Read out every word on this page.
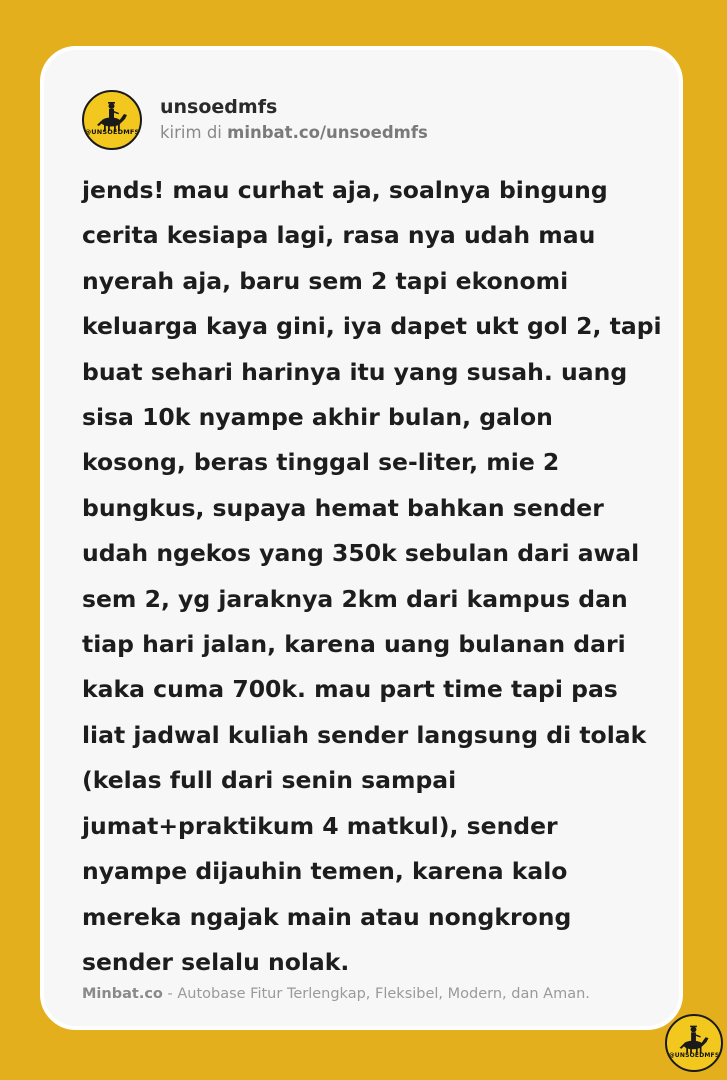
@UNSOEDMFS
unsoedmfs
kirim di minbat.co/unsoedmfs

jends! mau curhat aja, soalnya bingung
cerita kesiapa lagi, rasa nya udah mau
nyerah aja, baru sem 2 tapi ekonomi
keluarga kaya gini, iya dapet ukt gol 2, tapi
buat sehari harinya itu yang susah. uang
sisa 10k nyampe akhir bulan, galon
kosong, beras tinggal se-liter, mie 2
bungkus, supaya hemat bahkan sender
udah ngekos yang 350k sebulan dari awal
sem 2, yg jaraknya 2km dari kampus dan
tiap hari jalan, karena uang bulanan dari
kaka cuma 700k. mau part time tapi pas
liat jadwal kuliah sender langsung di tolak
(kelas full dari senin sampai
jumat+praktikum 4 matkul), sender
nyampe dijauhin temen, karena kalo
mereka ngajak main atau nongkrong
sender selalu nolak.

Minbat.co - Autobase Fitur Terlengkap, Fleksibel, Modern, dan Aman.
@UNSOEDMFS
